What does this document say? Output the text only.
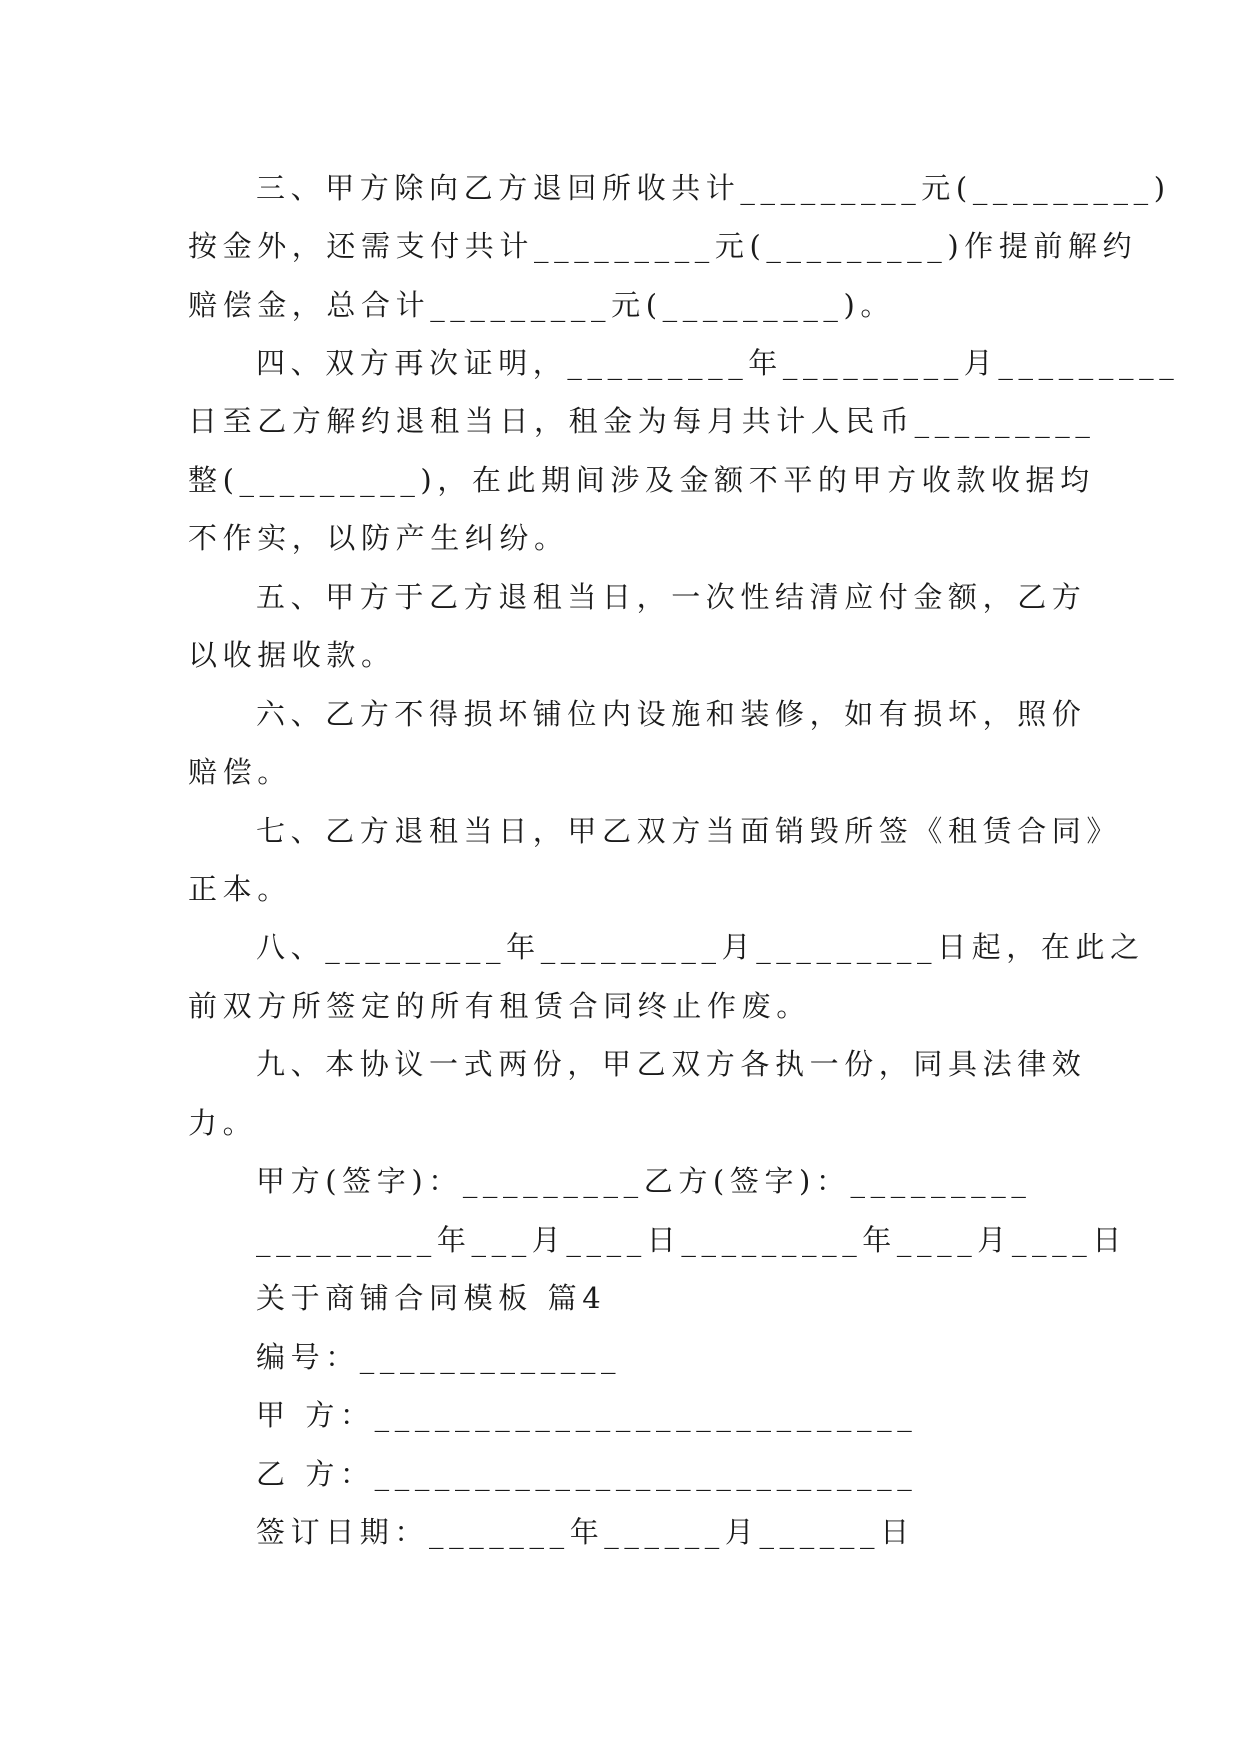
三、甲方除向乙方退回所收共计_________元(_________)
按金外，还需支付共计_________元(_________)作提前解约
赔偿金，总合计_________元(_________)。
四、双方再次证明，_________年_________月_________
日至乙方解约退租当日，租金为每月共计人民币_________
整(_________)，在此期间涉及金额不平的甲方收款收据均
不作实，以防产生纠纷。
五、甲方于乙方退租当日，一次性结清应付金额，乙方
以收据收款。
六、乙方不得损坏铺位内设施和装修，如有损坏，照价
赔偿。
七、乙方退租当日，甲乙双方当面销毁所签《租赁合同》
正本。
八、_________年_________月_________日起，在此之
前双方所签定的所有租赁合同终止作废。
九、本协议一式两份，甲乙双方各执一份，同具法律效
力。
甲方(签字)：_________乙方(签字)：_________
_________年___月____日_________年____月____日
关于商铺合同模板 篇4
编号：_____________
甲 方：___________________________
乙 方：___________________________
签订日期：_______年______月______日
